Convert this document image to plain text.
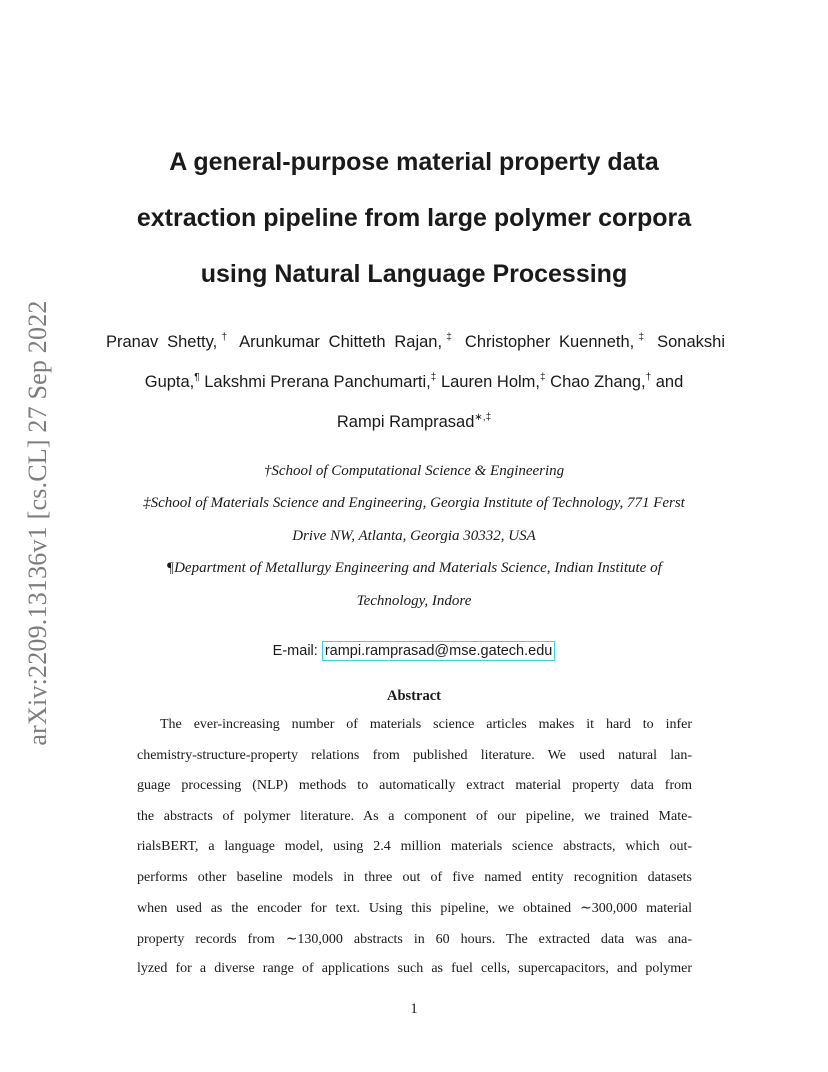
arXiv:2209.13136v1 [cs.CL] 27 Sep 2022
A general-purpose material property data
extraction pipeline from large polymer corpora
using Natural Language Processing
Pranav Shetty,† Arunkumar Chitteth Rajan,‡ Christopher Kuenneth,‡ Sonakshi
Gupta,¶ Lakshmi Prerana Panchumarti,‡ Lauren Holm,‡ Chao Zhang,† and
Rampi Ramprasad∗,‡
†School of Computational Science & Engineering
‡School of Materials Science and Engineering, Georgia Institute of Technology, 771 Ferst
Drive NW, Atlanta, Georgia 30332, USA
¶Department of Metallurgy Engineering and Materials Science, Indian Institute of
Technology, Indore
E-mail: rampi.ramprasad@mse.gatech.edu
Abstract
The ever-increasing number of materials science articles makes it hard to infer
chemistry-structure-property relations from published literature. We used natural lan-
guage processing (NLP) methods to automatically extract material property data from
the abstracts of polymer literature. As a component of our pipeline, we trained Mate-
rialsBERT, a language model, using 2.4 million materials science abstracts, which out-
performs other baseline models in three out of five named entity recognition datasets
when used as the encoder for text. Using this pipeline, we obtained ∼300,000 material
property records from ∼130,000 abstracts in 60 hours. The extracted data was ana-
lyzed for a diverse range of applications such as fuel cells, supercapacitors, and polymer
1
